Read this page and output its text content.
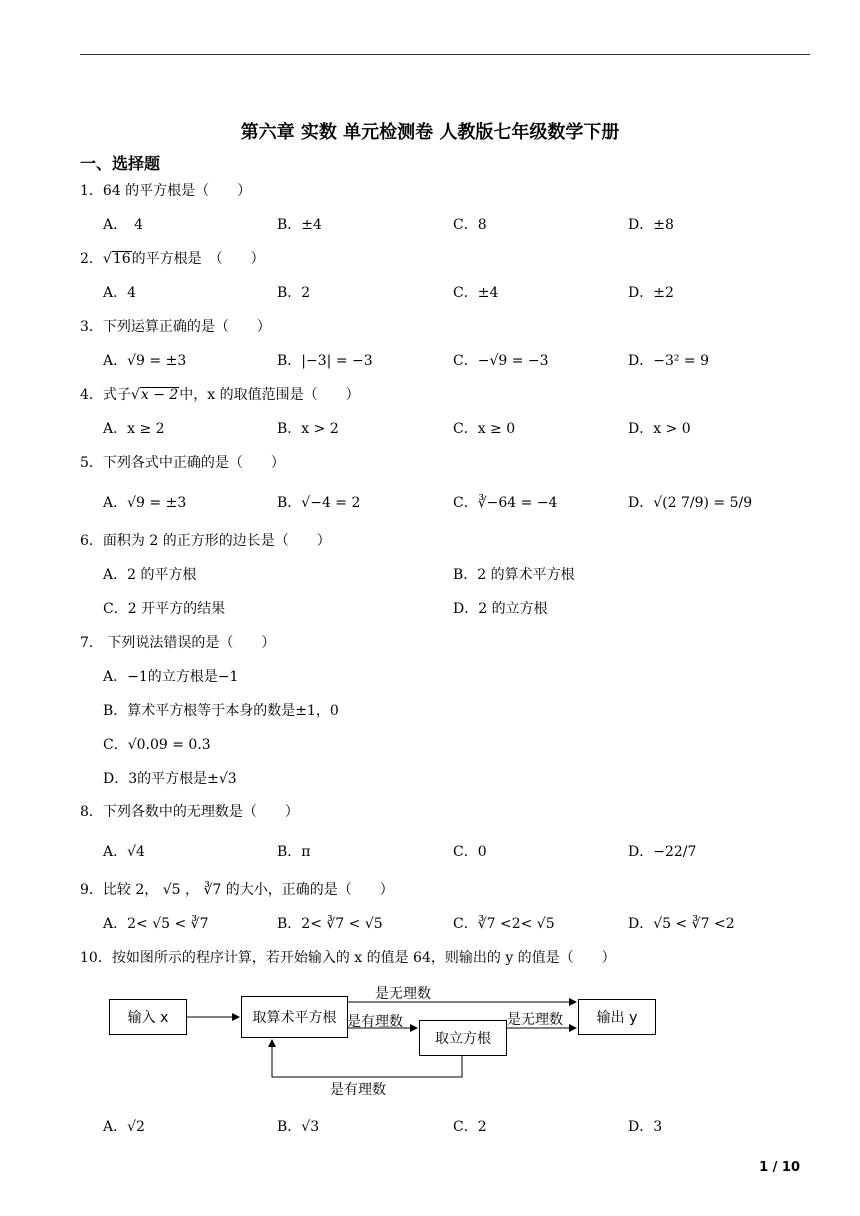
第六章 实数 单元检测卷 人教版七年级数学下册
一、选择题
1．64 的平方根是（　　）
A．　4	B．±4	C．8	D．±8
2．√16的平方根是　（　　）
A．4	B．2	C．±4	D．±2
3．下列运算正确的是（　　）
A．√9 = ±3	B．|−3| = −3	C．−√9 = −3	D．−3² = 9
4．式子√x − 2中，x 的取值范围是（　　）
A．x ≥ 2	B．x > 2	C．x ≥ 0	D．x > 0
5．下列各式中正确的是（　　）
A．√9 = ±3	B．√−4 = 2	C．∛−64 = −4	D．√(2 7/9) = 5/9
6．面积为 2 的正方形的边长是（　　）
A．2 的平方根	B．2 的算术平方根
C．2 开平方的结果	D．2 的立方根
7． 下列说法错误的是（　　）
A．−1的立方根是−1
B．算术平方根等于本身的数是±1，0
C．√0.09 = 0.3
D．3的平方根是±√3
8．下列各数中的无理数是（　　）
A．√4	B．π	C．0	D．−22/7
9．比较 2， √5 ， ∛7 的大小，正确的是（　　）
A．2< √5 < ∛7	B．2< ∛7 < √5	C．∛7 <2< √5	D．√5 < ∛7 <2
10．按如图所示的程序计算，若开始输入的 x 的值是 64，则输出的 y 的值是（　　）
输入 x	取算术平方根
取立方根
输出 y
是无理数
是有理数	是无理数
是有理数
A．√2	B．√3	C．2	D．3
1 / 10
